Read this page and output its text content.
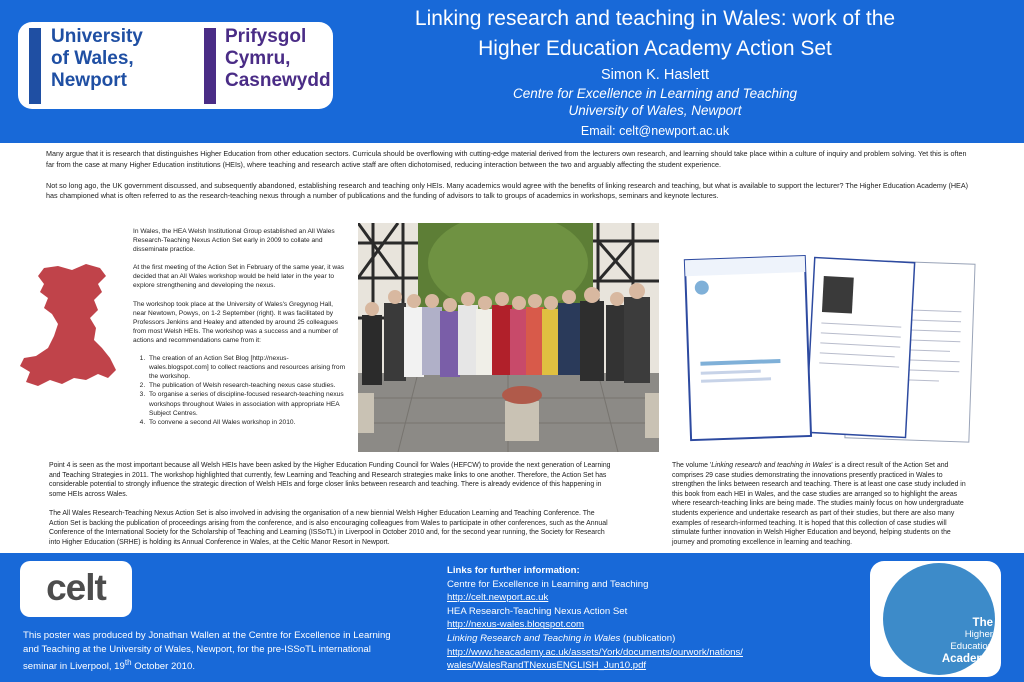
University
of Wales,
Newport
Prifysgol
Cymru,
Casnewydd
Linking research and teaching in Wales: work of the
Higher Education Academy Action Set
Simon K. Haslett
Centre for Excellence in Learning and Teaching
University of Wales, Newport
Email: celt@newport.ac.uk

Many argue that it is research that distinguishes Higher Education from other education sectors. Curricula should be overflowing with cutting-edge material derived from the lecturers own research, and learning should take place within a culture of inquiry and problem solving. Yet this is often far from the case at many Higher Education institutions (HEIs), where teaching and research active staff are often dichotomised, reducing interaction between the two and arguably affecting the student experience.

Not so long ago, the UK government discussed, and subsequently abandoned, establishing research and teaching only HEIs. Many academics would agree with the benefits of linking research and teaching, but what is available to support the lecturer? The Higher Education Academy (HEA) has championed what is often referred to as the research-teaching nexus through a number of publications and the funding of advisors to talk to groups of academics in workshops, seminars and keynote lectures.

In Wales, the HEA Welsh Institutional Group established an All Wales Research-Teaching Nexus Action Set early in 2009 to collate and disseminate practice.

At the first meeting of the Action Set in February of the same year, it was decided that an All Wales workshop would be held later in the year to explore strengthening and developing the nexus.

The workshop took place at the University of Wales's Gregynog Hall, near Newtown, Powys, on 1-2 September (right). It was facilitated by Professors Jenkins and Healey and attended by around 25 colleagues from most Welsh HEIs. The workshop was a success and a number of actions and recommendations came from it:

1. The creation of an Action Set Blog [http://nexus-wales.blogspot.com] to collect reactions and resources arising from the workshop.
2. The publication of Welsh research-teaching nexus case studies.
3. To organise a series of discipline-focused research-teaching nexus workshops throughout Wales in association with appropriate HEA Subject Centres.
4. To convene a second All Wales workshop in 2010.

Point 4 is seen as the most important because all Welsh HEIs have been asked by the Higher Education Funding Council for Wales (HEFCW) to provide the next generation of Learning and Teaching Strategies in 2011. The workshop highlighted that currently, few Learning and Teaching and Research strategies make links to one another. Therefore, the Action Set has considerable potential to strongly influence the strategic direction of Welsh HEIs and forge closer links between research and teaching. There is already evidence of this happening in some HEIs across Wales.

The All Wales Research-Teaching Nexus Action Set is also involved in advising the organisation of a new biennial Welsh Higher Education Learning and Teaching Conference. The Action Set is backing the publication of proceedings arising from the conference, and is also encouraging colleagues from Wales to participate in other conferences, such as the Annual Conference of the International Society for the Scholarship of Teaching and Learning (ISSoTL) in Liverpool in October 2010 and, for the second year running, the Society for Research into Higher Education (SRHE) is holding its Annual Conference in Wales, at the Celtic Manor Resort in Newport.

The volume 'Linking research and teaching in Wales' is a direct result of the Action Set and comprises 29 case studies demonstrating the innovations presently practiced in Wales to strengthen the links between research and teaching. There is at least one case study included in this book from each HEI in Wales, and the case studies are arranged so to highlight the areas where research-teaching links are being made. The studies mainly focus on how undergraduate students experience and undertake research as part of their studies, but there are also many examples of research-informed teaching. It is hoped that this collection of case studies will stimulate further innovation in Welsh Higher Education and beyond, helping students on the journey and promoting excellence in learning and teaching.
celt
This poster was produced by Jonathan Wallen at the Centre for Excellence in Learning and Teaching at the University of Wales, Newport, for the pre-ISSoTL international seminar in Liverpool, 19th October 2010.
Links for further information:
Centre for Excellence in Learning and Teaching
http://celt.newport.ac.uk
HEA Research-Teaching Nexus Action Set
http://nexus-wales.blogspot.com
Linking Research and Teaching in Wales (publication)
http://www.heacademy.ac.uk/assets/York/documents/ourwork/nations/
wales/WalesRandTNexusENGLISH_Jun10.pdf
The
Higher
Education
Academy
